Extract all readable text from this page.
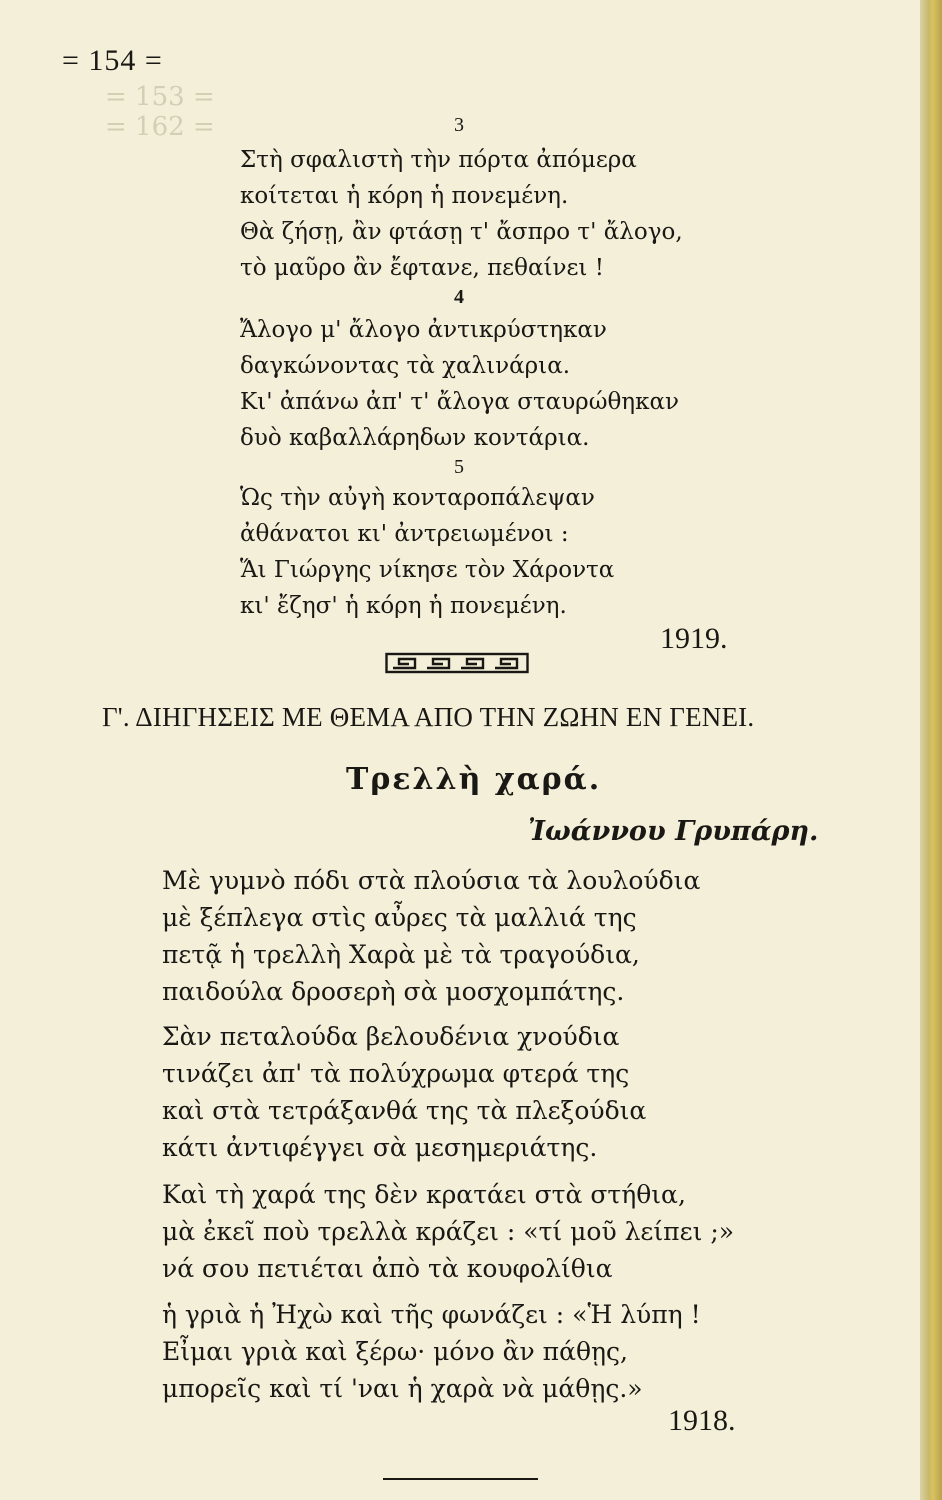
= 153 =
= 162 =
= 154 =
3
Στὴ σφαλιστὴ τὴν πόρτα ἀπόμερα
κοίτεται ἡ κόρη ἡ πονεμένη.
Θὰ ζήσῃ, ἂν φτάσῃ τ' ἄσπρο τ' ἄλογο,
τὸ μαῦρο ἂν ἔφτανε, πεθαίνει !
4
Ἄλογο μ' ἄλογο ἀντικρύστηκαν
δαγκώνοντας τὰ χαλινάρια.
Κι' ἀπάνω ἀπ' τ' ἄλογα σταυρώθηκαν
δυὸ καβαλλάρηδων κοντάρια.
5
Ὡς τὴν αὐγὴ κονταροπάλεψαν
ἀθάνατοι κι' ἀντρειωμένοι :
Ἅι Γιώργης νίκησε τὸν Χάροντα
κι' ἔζησ' ἡ κόρη ἡ πονεμένη.
1919.
Γ'. ΔΙΗΓΗΣΕΙΣ ΜΕ ΘΕΜΑ ΑΠΟ ΤΗΝ ΖΩΗΝ ΕΝ ΓΕΝΕΙ.
Τρελλὴ χαρά.
Ἰωάννου Γρυπάρη.
Μὲ γυμνὸ πόδι στὰ πλούσια τὰ λουλούδια
μὲ ξέπλεγα στὶς αὖρες τὰ μαλλιά της
πετᾷ ἡ τρελλὴ Χαρὰ μὲ τὰ τραγούδια,
παιδούλα δροσερὴ σὰ μοσχομπάτης.
Σὰν πεταλούδα βελουδένια χνούδια
τινάζει ἀπ' τὰ πολύχρωμα φτερά της
καὶ στὰ τετράξανθά της τὰ πλεξούδια
κάτι ἀντιφέγγει σὰ μεσημεριάτης.
Καὶ τὴ χαρά της δὲν κρατάει στὰ στήθια,
μὰ ἐκεῖ ποὺ τρελλὰ κράζει : «τί μοῦ λείπει ;»
νά σου πετιέται ἀπὸ τὰ κουφολίθια
ἡ γριὰ ἡ Ἠχὼ καὶ τῆς φωνάζει : «Ἡ λύπη !
Εἶμαι γριὰ καὶ ξέρω· μόνο ἂν πάθῃς,
μπορεῖς καὶ τί 'ναι ἡ χαρὰ νὰ μάθῃς.»
1918.
